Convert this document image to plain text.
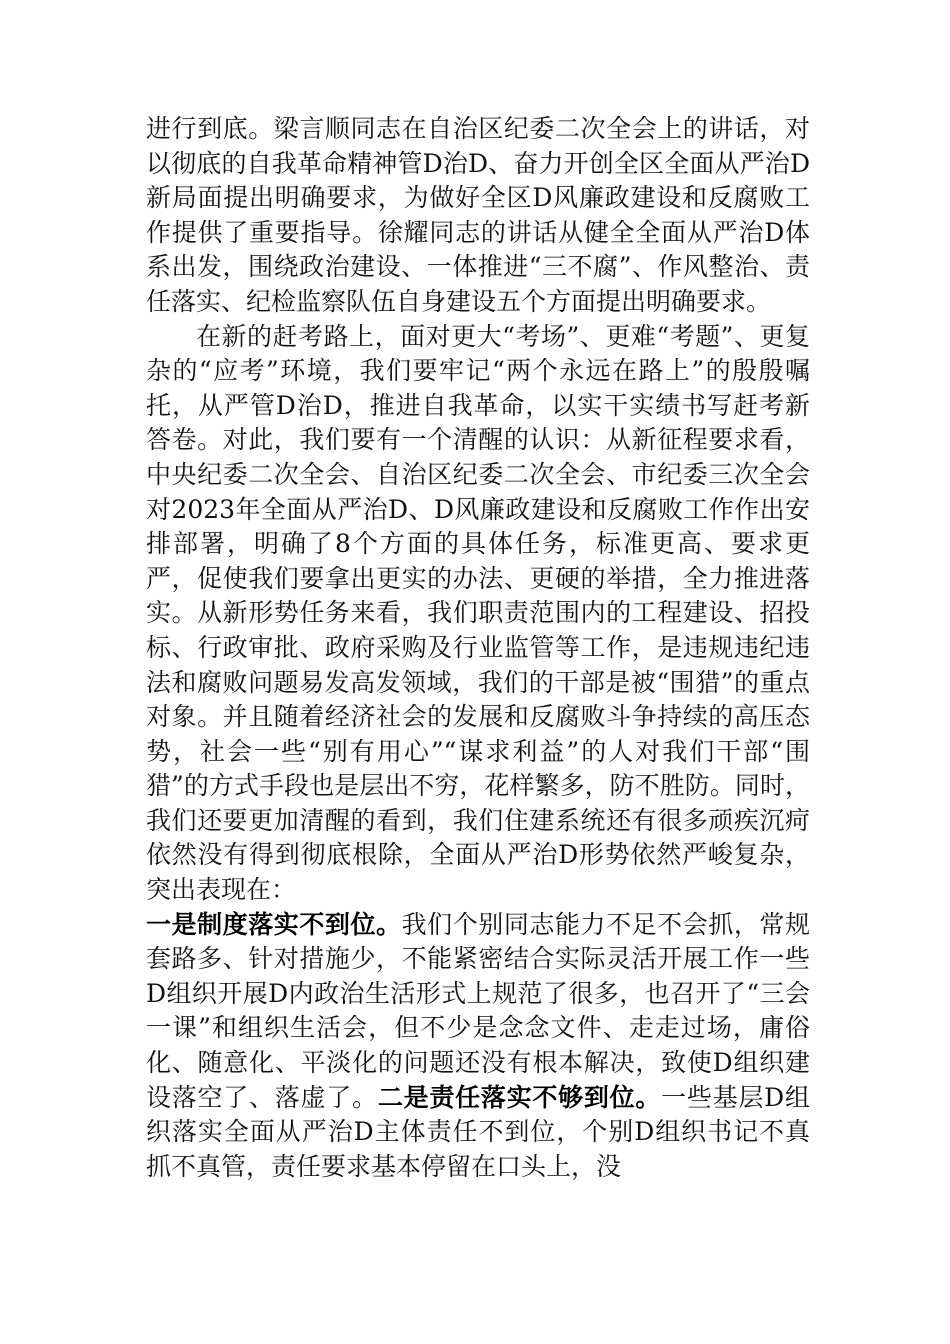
进行到底。梁言顺同志在自治区纪委二次全会上的讲话，对以彻底的自我革命精神管D治D、奋力开创全区全面从严治D新局面提出明确要求，为做好全区D风廉政建设和反腐败工作提供了重要指导。徐耀同志的讲话从健全全面从严治D体系出发，围绕政治建设、一体推进“三不腐”、作风整治、责任落实、纪检监察队伍自身建设五个方面提出明确要求。

在新的赶考路上，面对更大“考场”、更难“考题”、更复杂的“应考”环境，我们要牢记“两个永远在路上”的殷殷嘱托，从严管D治D，推进自我革命，以实干实绩书写赶考新答卷。对此，我们要有一个清醒的认识：从新征程要求看，中央纪委二次全会、自治区纪委二次全会、市纪委三次全会对2023年全面从严治D、D风廉政建设和反腐败工作作出安排部署，明确了8个方面的具体任务，标准更高、要求更严，促使我们要拿出更实的办法、更硬的举措，全力推进落实。从新形势任务来看，我们职责范围内的工程建设、招投标、行政审批、政府采购及行业监管等工作，是违规违纪违法和腐败问题易发高发领域，我们的干部是被“围猎”的重点对象。并且随着经济社会的发展和反腐败斗争持续的高压态势，社会一些“别有用心”“谋求利益”的人对我们干部“围猎”的方式手段也是层出不穷，花样繁多，防不胜防。同时，我们还要更加清醒的看到，我们住建系统还有很多顽疾沉疴依然没有得到彻底根除，全面从严治D形势依然严峻复杂，突出表现在：

一是制度落实不到位。我们个别同志能力不足不会抓，常规套路多、针对措施少，不能紧密结合实际灵活开展工作一些D组织开展D内政治生活形式上规范了很多，也召开了“三会一课”和组织生活会，但不少是念念文件、走走过场，庸俗化、随意化、平淡化的问题还没有根本解决，致使D组织建设落空了、落虚了。二是责任落实不够到位。一些基层D组织落实全面从严治D主体责任不到位，个别D组织书记不真抓不真管，责任要求基本停留在口头上，没
